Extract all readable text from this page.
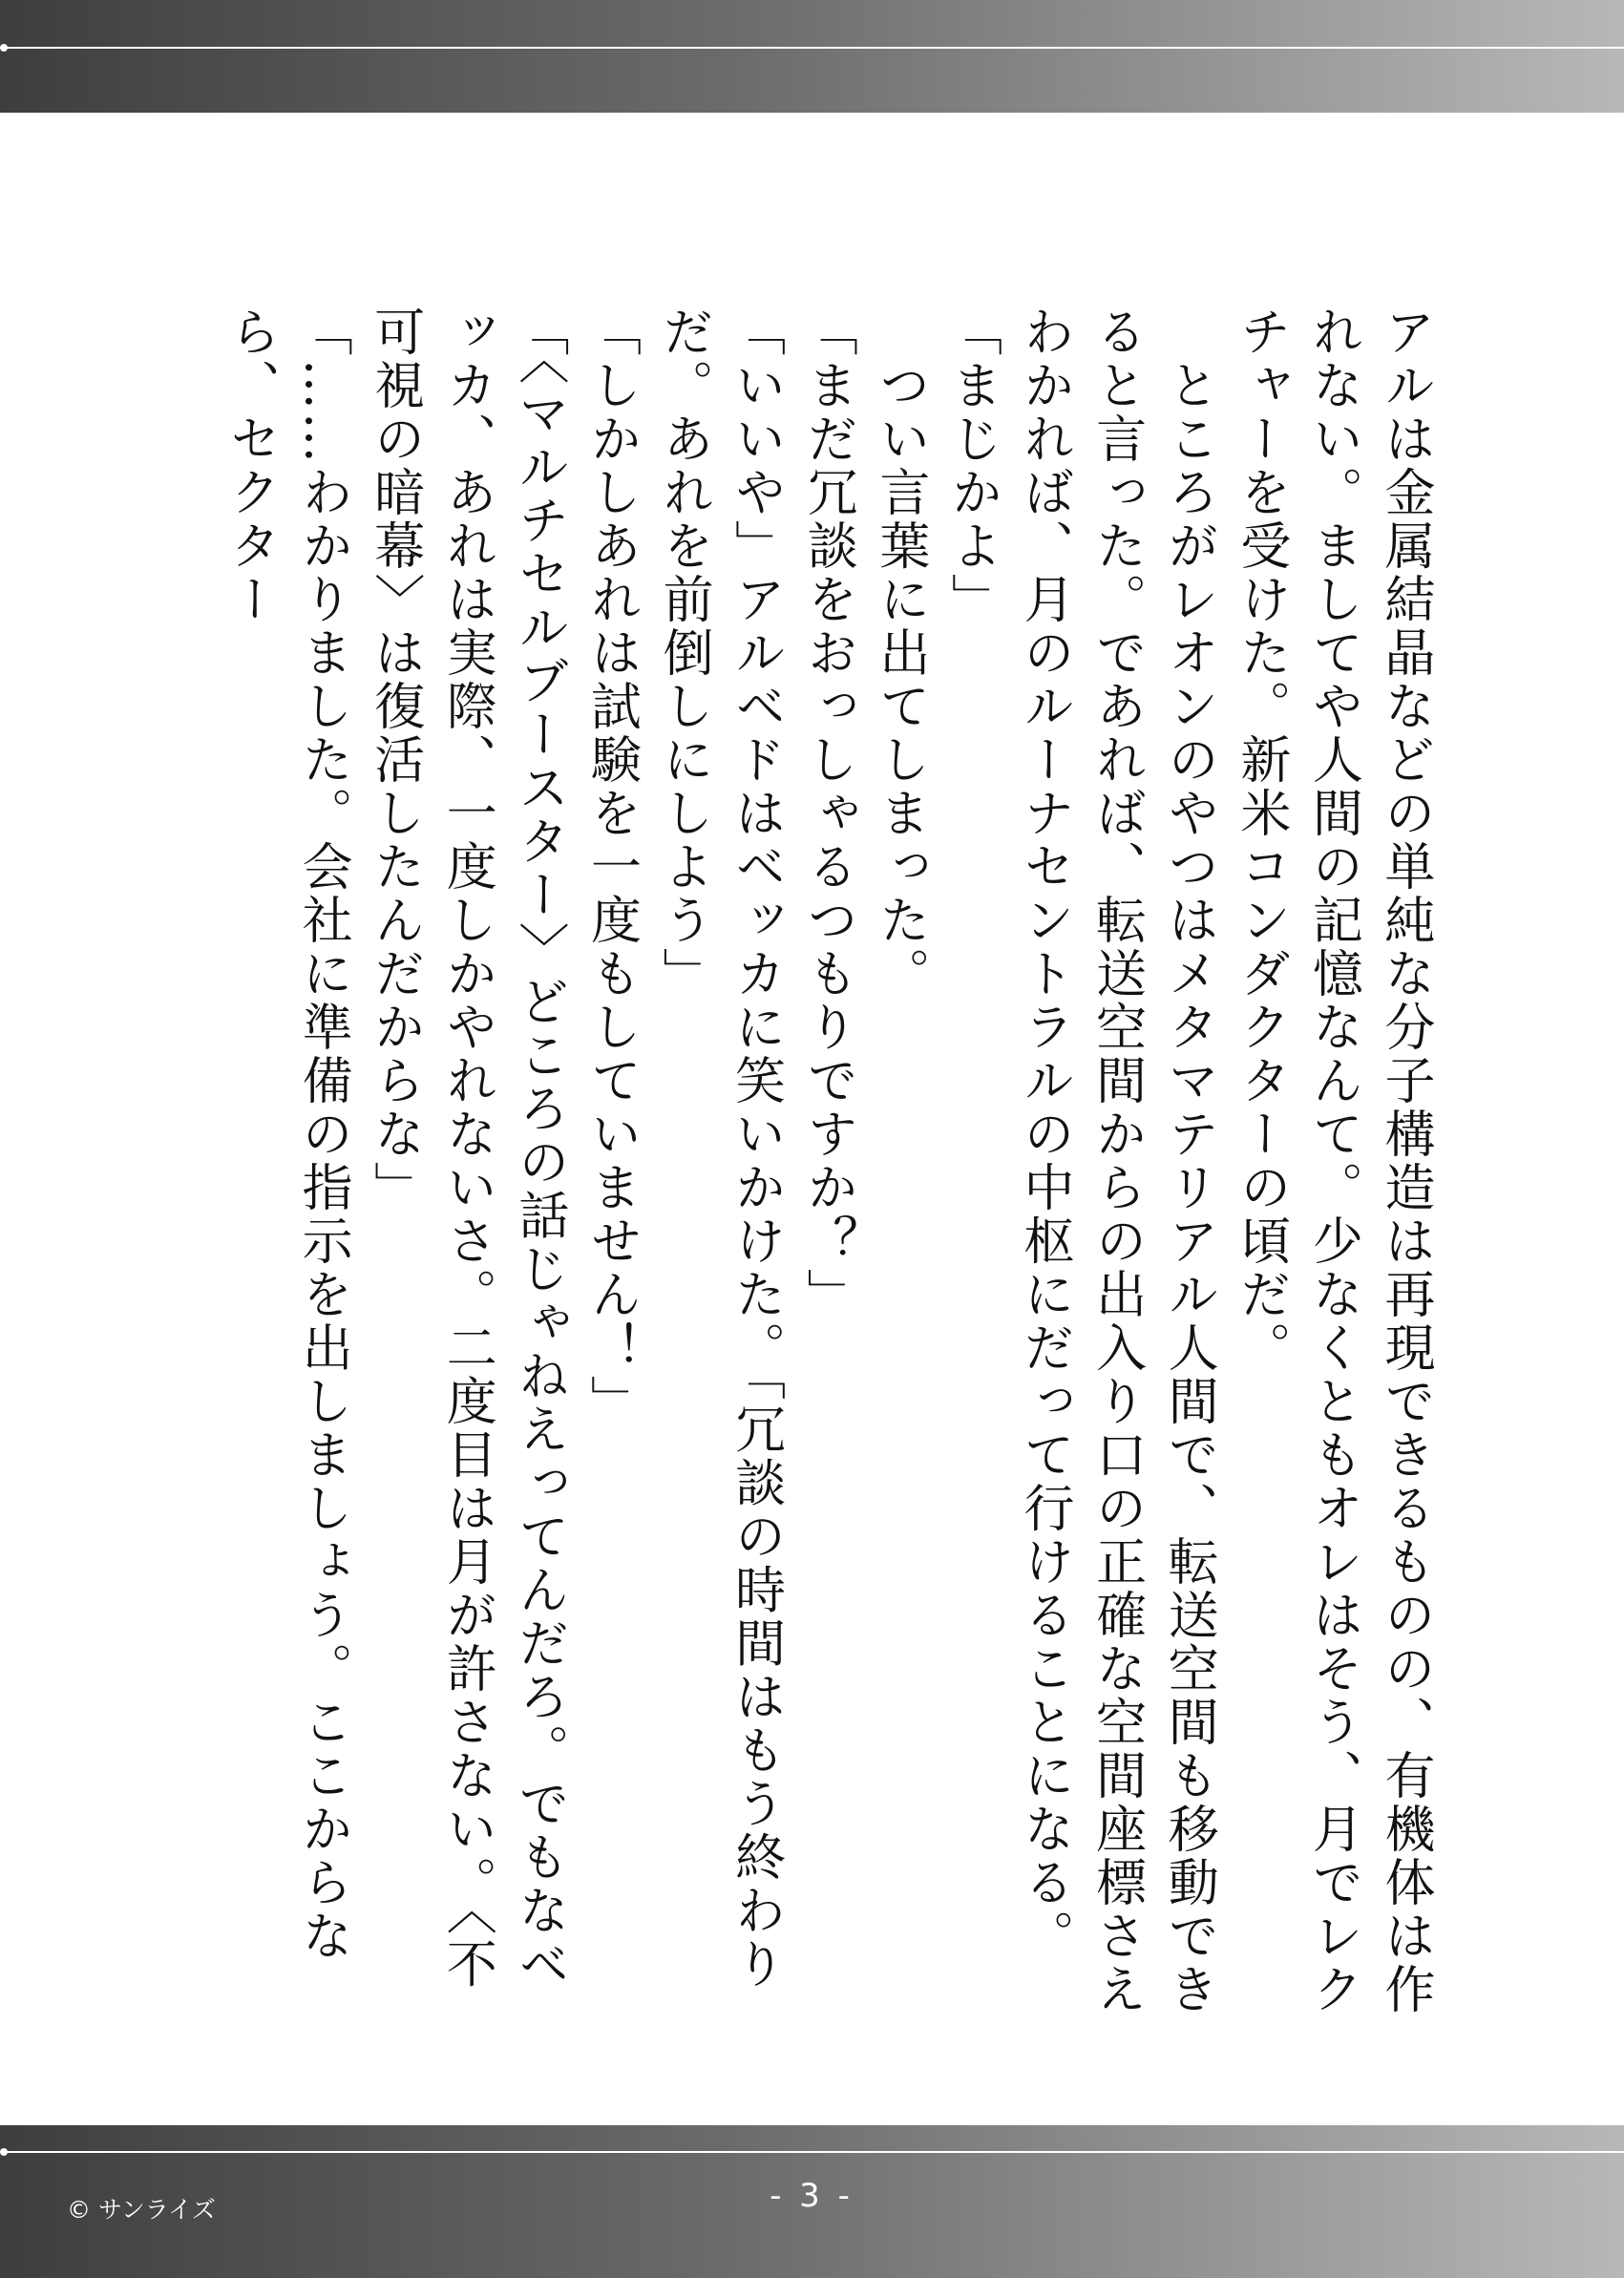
アルは金属結晶などの単純な分子構造は再現できるものの、有機体は作れない。ましてや人間の記憶なんて。少なくともオレはそう、月でレクチャーを受けた。新米コンダクターの頃だ。

　ところがレオンのやつはメタマテリアル人間で、転送空間も移動できると言った。であれば、転送空間からの出入り口の正確な空間座標さえわかれば、月のルーナセントラルの中枢にだって行けることになる。

「まじかよ」

　つい言葉に出てしまった。

「まだ冗談をおっしゃるつもりですか？」

「いいや」アルベドはベッカに笑いかけた。「冗談の時間はもう終わりだ。あれを前倒しにしよう」

「しかしあれは試験を一度もしていません！」

「〈マルチセルブースター〉どころの話じゃねえってんだろ。でもなベッカ、あれは実際、一度しかやれないさ。二度目は月が許さない。〈不可視の暗幕〉は復活したんだからな」

「……わかりました。会社に準備の指示を出しましょう。ここからなら、セクター

© サンライズ	- 3 -
